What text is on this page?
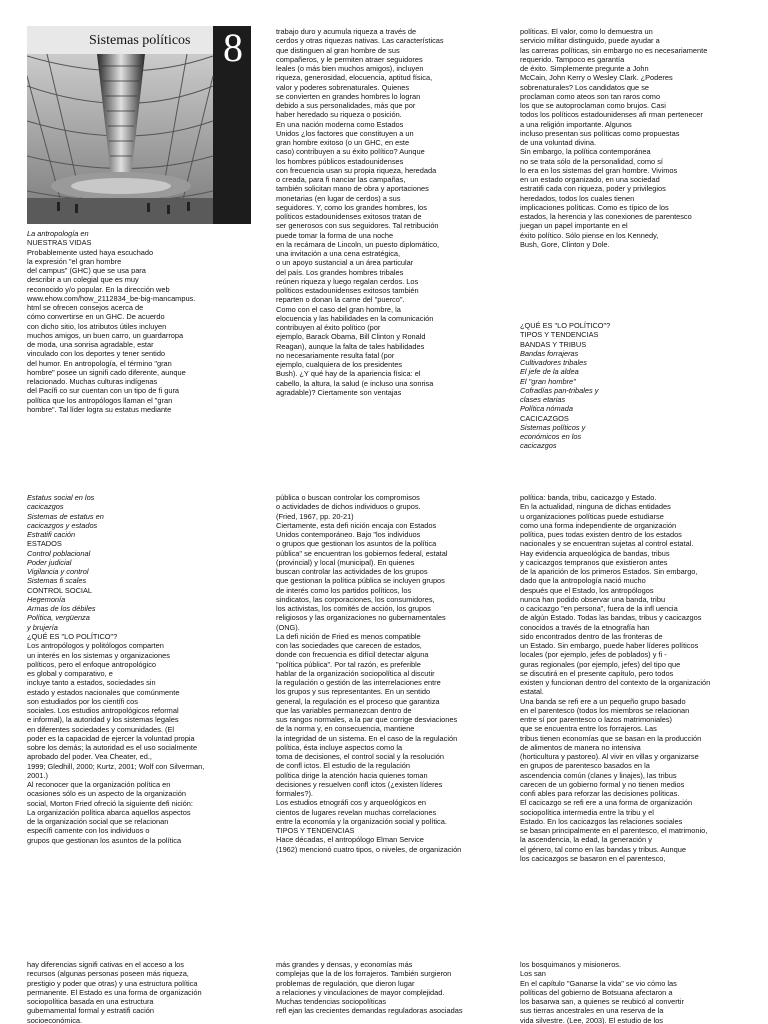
Sistemas políticos 8
La antropología en
NUESTRAS VIDAS
Probablemente usted haya escuchado
la expresión "el gran hombre
del campus" (GHC) que se usa para
describir a un colegial que es muy
reconocido y/o popular. En la dirección web
www.ehow.com/how_2112834_be-big-mancampus.
html se ofrecen consejos acerca de
cómo convertirse en un GHC. De acuerdo
con dicho sitio, los atributos útiles incluyen
muchos amigos, un buen carro, un guardarropa
de moda, una sonrisa agradable, estar
vinculado con los deportes y tener sentido
del humor. En antropología, el término "gran
hombre" posee un signifi cado diferente, aunque
relacionado. Muchas culturas indígenas
del Pacífi co sur cuentan con un tipo de fi gura
política que los antropólogos llaman el "gran
hombre". Tal líder logra su estatus mediante
trabajo duro y acumula riqueza a través de
cerdos y otras riquezas nativas. Las características
que distinguen al gran hombre de sus
compañeros, y le permiten atraer seguidores
leales (o más bien muchos amigos), incluyen
riqueza, generosidad, elocuencia, aptitud física,
valor y poderes sobrenaturales. Quienes
se convierten en grandes hombres lo logran
debido a sus personalidades, más que por
haber heredado su riqueza o posición.
En una nación moderna como Estados
Unidos ¿los factores que constituyen a un
gran hombre exitoso (o un GHC, en este
caso) contribuyen a su éxito político? Aunque
los hombres públicos estadounidenses
con frecuencia usan su propia riqueza, heredada
o creada, para fi nanciar las campañas,
también solicitan mano de obra y aportaciones
monetarias (en lugar de cerdos) a sus
seguidores. Y, como los grandes hombres, los
políticos estadounidenses exitosos tratan de
ser generosos con sus seguidores. Tal retribución
puede tomar la forma de una noche
en la recámara de Lincoln, un puesto diplomático,
una invitación a una cena estratégica,
o un apoyo sustancial a un área particular
del país. Los grandes hombres tribales
reúnen riqueza y luego regalan cerdos. Los
políticos estadounidenses exitosos también
reparten o donan la carne del "puerco".
Como con el caso del gran hombre, la
elocuencia y las habilidades en la comunicación
contribuyen al éxito político (por
ejemplo, Barack Obama, Bill Clinton y Ronald
Reagan), aunque la falta de tales habilidades
no necesariamente resulta fatal (por
ejemplo, cualquiera de los presidentes
Bush). ¿Y qué hay de la apariencia física: el
cabello, la altura, la salud (e incluso una sonrisa
agradable)? Ciertamente son ventajas
políticas. El valor, como lo demuestra un
servicio militar distinguido, puede ayudar a
las carreras políticas, sin embargo no es necesariamente
requerido. Tampoco es garantía
de éxito. Simplemente pregunte a John
McCain, John Kerry o Wesley Clark. ¿Poderes
sobrenaturales? Los candidatos que se
proclaman como ateos son tan raros como
los que se autoproclaman como brujos. Casi
todos los políticos estadounidenses afi rman pertenecer
a una religión importante. Algunos
incluso presentan sus políticas como propuestas
de una voluntad divina.
Sin embargo, la política contemporánea
no se trata sólo de la personalidad, como sí
lo era en los sistemas del gran hombre. Vivimos
en un estado organizado, en una sociedad
estratifi cada con riqueza, poder y privilegios
heredados, todos los cuales tienen
implicaciones políticas. Como es típico de los
estados, la herencia y las conexiones de parentesco
juegan un papel importante en el
éxito político. Sólo piense en los Kennedy,
Bush, Gore, Clinton y Dole.
¿QUÉ ES "LO POLÍTICO"?
TIPOS Y TENDENCIAS
BANDAS Y TRIBUS
Bandas forrajeras
Cultivadores tribales
El jefe de la aldea
El "gran hombre"
Cofradías pan-tribales y
clases etarias
Política nómada
CACICAZGOS
Sistemas políticos y
económicos en los
cacicazgos
Estatus social en los
cacicazgos
Sistemas de estatus en
cacicazgos y estados
Estratifi cación
ESTADOS
Control poblacional
Poder judicial
Vigilancia y control
Sistemas fi scales
CONTROL SOCIAL
Hegemonía
Armas de los débiles
Política, vergüenza
y brujería
¿QUÉ ES "LO POLÍTICO"?
Los antropólogos y politólogos comparten
un interés en los sistemas y organizaciones
políticos, pero el enfoque antropológico
es global y comparativo, e
incluye tanto a estados, sociedades sin
estado y estados nacionales que comúnmente
son estudiados por los científi cos
sociales. Los estudios antropológicos reformal
e informal), la autoridad y los sistemas legales
en diferentes sociedades y comunidades. (El
poder es la capacidad de ejercer la voluntad propia
sobre los demás; la autoridad es el uso socialmente
aprobado del poder. Vea Cheater, ed.,
1999; Gledhill, 2000; Kurtz, 2001; Wolf con Silverman,
2001.)
Al reconocer que la organización política en
ocasiones sólo es un aspecto de la organización
social, Morton Fried ofreció la siguiente defi nición:
La organización política abarca aquellos aspectos
de la organización social que se relacionan
específi camente con los individuos o
grupos que gestionan los asuntos de la política
pública o buscan controlar los compromisos
o actividades de dichos individuos o grupos.
(Fried, 1967, pp. 20-21)
Ciertamente, esta defi nición encaja con Estados
Unidos contemporáneo. Bajo "los individuos
o grupos que gestionan los asuntos de la política
pública" se encuentran los gobiernos federal, estatal
(provincial) y local (municipal). En quienes
buscan controlar las actividades de los grupos
que gestionan la política pública se incluyen grupos
de interés como los partidos políticos, los
sindicatos, las corporaciones, los consumidores,
los activistas, los comités de acción, los grupos
religiosos y las organizaciones no gubernamentales
(ONG).
La defi nición de Fried es menos compatible
con las sociedades que carecen de estados,
donde con frecuencia es difícil detectar alguna
"política pública". Por tal razón, es preferible
hablar de la organización sociopolítica al discutir
la regulación o gestión de las interrelaciones entre
los grupos y sus representantes. En un sentido
general, la regulación es el proceso que garantiza
que las variables permanezcan dentro de
sus rangos normales, a la par que corrige desviaciones
de la norma y, en consecuencia, mantiene
la integridad de un sistema. En el caso de la regulación
política, ésta incluye aspectos como la
toma de decisiones, el control social y la resolución
de confl ictos. El estudio de la regulación
política dirige la atención hacia quienes toman
decisiones y resuelven confl ictos (¿existen líderes
formales?).
Los estudios etnográfi cos y arqueológicos en
cientos de lugares revelan muchas correlaciones
entre la economía y la organización social y política.
TIPOS Y TENDENCIAS
Hace décadas, el antropólogo Elman Service
(1962) mencionó cuatro tipos, o niveles, de organización
política: banda, tribu, cacicazgo y Estado.
En la actualidad, ninguna de dichas entidades
u organizaciones políticas puede estudiarse
como una forma independiente de organización
política, pues todas existen dentro de los estados
nacionales y se encuentran sujetas al control estatal.
Hay evidencia arqueológica de bandas, tribus
y cacicazgos tempranos que existieron antes
de la aparición de los primeros Estados. Sin embargo,
dado que la antropología nació mucho
después que el Estado, los antropólogos
nunca han podido observar una banda, tribu
o cacicazgo "en persona", fuera de la infl uencia
de algún Estado. Todas las bandas, tribus y cacicazgos
conocidos a través de la etnografía han
sido encontrados dentro de las fronteras de
un Estado. Sin embargo, puede haber líderes políticos
locales (por ejemplo, jefes de poblados) y fi -
guras regionales (por ejemplo, jefes) del tipo que
se discutirá en el presente capítulo, pero todos
existen y funcionan dentro del contexto de la organización
estatal.
Una banda se refi ere a un pequeño grupo basado
en el parentesco (todos los miembros se relacionan
entre sí por parentesco o lazos matrimoniales)
que se encuentra entre los forrajeros. Las
tribus tienen economías que se basan en la producción
de alimentos de manera no intensiva
(horticultura y pastoreo). Al vivir en villas y organizarse
en grupos de parentesco basados en la
ascendencia común (clanes y linajes), las tribus
carecen de un gobierno formal y no tienen medios
confi ables para reforzar las decisiones políticas.
El cacicazgo se refi ere a una forma de organización
sociopolítica intermedia entre la tribu y el
Estado. En los cacicazgos las relaciones sociales
se basan principalmente en el parentesco, el matrimonio,
la ascendencia, la edad, la generación y
el género, tal como en las bandas y tribus. Aunque
los cacicazgos se basaron en el parentesco,
hay diferencias signifi cativas en el acceso a los
recursos (algunas personas poseen más riqueza,
prestigio y poder que otras) y una estructura política
permanente. El Estado es una forma de organización
sociopolítica basada en una estructura
gubernamental formal y estratifi cación
socioeconómica.
más grandes y densas, y economías más
complejas que la de los forrajeros. También surgieron
problemas de regulación, que dieron lugar
a relaciones y vinculaciones de mayor complejidad.
Muchas tendencias sociopolíticas
refl ejan las crecientes demandas reguladoras asociadas
los bosquimanos y misioneros.
Los san
En el capítulo "Ganarse la vida" se vio cómo las
políticas del gobierno de Botsuana afectaron a
los basarwa san, a quienes se reubicó al convertir
sus tierras ancestrales en una reserva de la
vida silvestre. (Lee, 2003). El estudio de los
